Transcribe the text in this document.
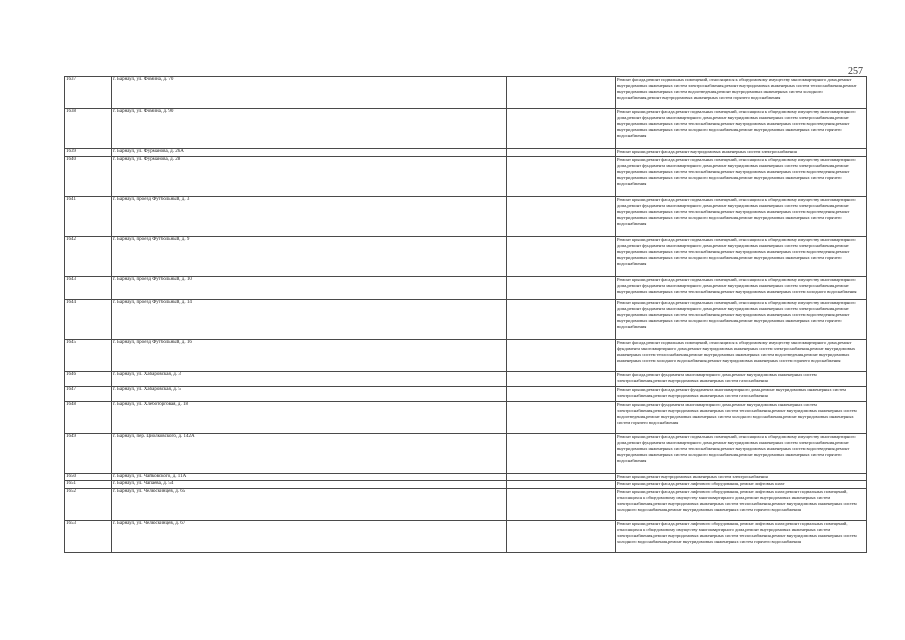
257
1637	г. Барнаул, ул. Фомина, д. 70		Ремонт фасада,ремонт подвальных помещений, относящихся к общедомовому имуществу многоквартирного дома,ремонт внутридомовых инженерных систем электроснабжения,ремонт внутридомовых инженерных систем теплоснабжения,ремонт внутридомовых инженерных систем водоотведения,ремонт внутридомовых инженерных систем холодного водоснабжения,ремонт внутридомовых инженерных систем горячего водоснабжения
1638	г. Барнаул, ул. Фомина, д. 90		Ремонт крыши,ремонт фасада,ремонт подвальных помещений, относящихся к общедомовому имуществу многоквартирного дома,ремонт фундамента многоквартирного дома,ремонт внутридомовых инженерных систем электроснабжения,ремонт внутридомовых инженерных систем теплоснабжения,ремонт внутридомовых инженерных систем водоотведения,ремонт внутридомовых инженерных систем холодного водоснабжения,ремонт внутридомовых инженерных систем горячего водоснабжения
1639	г. Барнаул, ул. Фурманова, д. 26А		Ремонт крыши,ремонт фасада,ремонт внутридомовых инженерных систем электроснабжения
1640	г. Барнаул, ул. Фурманова, д. 28		Ремонт крыши,ремонт фасада,ремонт подвальных помещений, относящихся к общедомовому имуществу многоквартирного дома,ремонт фундамента многоквартирного дома,ремонт внутридомовых инженерных систем электроснабжения,ремонт внутридомовых инженерных систем теплоснабжения,ремонт внутридомовых инженерных систем водоотведения,ремонт внутридомовых инженерных систем холодного водоснабжения,ремонт внутридомовых инженерных систем горячего водоснабжения
1641	г. Барнаул, проезд Футбольный, д. 3		Ремонт крыши,ремонт фасада,ремонт подвальных помещений, относящихся к общедомовому имуществу многоквартирного дома,ремонт фундамента многоквартирного дома,ремонт внутридомовых инженерных систем электроснабжения,ремонт внутридомовых инженерных систем теплоснабжения,ремонт внутридомовых инженерных систем водоотведения,ремонт внутридомовых инженерных систем холодного водоснабжения,ремонт внутридомовых инженерных систем горячего водоснабжения
1642	г. Барнаул, проезд Футбольный, д. 9		Ремонт крыши,ремонт фасада,ремонт подвальных помещений, относящихся к общедомовому имуществу многоквартирного дома,ремонт фундамента многоквартирного дома,ремонт внутридомовых инженерных систем электроснабжения,ремонт внутридомовых инженерных систем теплоснабжения,ремонт внутридомовых инженерных систем водоотведения,ремонт внутридомовых инженерных систем холодного водоснабжения,ремонт внутридомовых инженерных систем горячего водоснабжения
1643	г. Барнаул, проезд Футбольный, д. 10		Ремонт крыши,ремонт фасада,ремонт подвальных помещений, относящихся к общедомовому имуществу многоквартирного дома,ремонт фундамента многоквартирного дома,ремонт внутридомовых инженерных систем электроснабжения,ремонт внутридомовых инженерных систем теплоснабжения,ремонт внутридомовых инженерных систем холодного водоснабжения
1644	г. Барнаул, проезд Футбольный, д. 14		Ремонт крыши,ремонт фасада,ремонт подвальных помещений, относящихся к общедомовому имуществу многоквартирного дома,ремонт фундамента многоквартирного дома,ремонт внутридомовых инженерных систем электроснабжения,ремонт внутридомовых инженерных систем теплоснабжения,ремонт внутридомовых инженерных систем водоотведения,ремонт внутридомовых инженерных систем холодного водоснабжения,ремонт внутридомовых инженерных систем горячего водоснабжения
1645	г. Барнаул, проезд Футбольный, д. 16		Ремонт фасада,ремонт подвальных помещений, относящихся к общедомовому имуществу многоквартирного дома,ремонт фундамента многоквартирного дома,ремонт внутридомовых инженерных систем электроснабжения,ремонт внутридомовых инженерных систем теплоснабжения,ремонт внутридомовых инженерных систем водоотведения,ремонт внутридомовых инженерных систем холодного водоснабжения,ремонт внутридомовых инженерных систем горячего водоснабжения
1646	г. Барнаул, ул. Хабаровская, д. 3		Ремонт фасада,ремонт фундамента многоквартирного дома,ремонт внутридомовых инженерных систем электроснабжения,ремонт внутридомовых инженерных систем газоснабжения
1647	г. Барнаул, ул. Хабаровская, д. 5		Ремонт крыши,ремонт фасада,ремонт фундамента многоквартирного дома,ремонт внутридомовых инженерных систем электроснабжения,ремонт внутридомовых инженерных систем газоснабжения
1648	г. Барнаул, ул. Хлеботорговая, д. 18		Ремонт крыши,ремонт фундамента многоквартирного дома,ремонт внутридомовых инженерных систем электроснабжения,ремонт внутридомовых инженерных систем теплоснабжения,ремонт внутридомовых инженерных систем водоотведения,ремонт внутридомовых инженерных систем холодного водоснабжения,ремонт внутридомовых инженерных систем горячего водоснабжения
1649	г. Барнаул, пер. Циолковского, д. 142А		Ремонт крыши,ремонт фасада,ремонт подвальных помещений, относящихся к общедомовому имуществу многоквартирного дома,ремонт фундамента многоквартирного дома,ремонт внутридомовых инженерных систем электроснабжения,ремонт внутридомовых инженерных систем теплоснабжения,ремонт внутридомовых инженерных систем водоотведения,ремонт внутридомовых инженерных систем холодного водоснабжения,ремонт внутридомовых инженерных систем горячего водоснабжения
1650	г. Барнаул, ул. Чайковского, д. 11А		Ремонт крыши,ремонт внутридомовых инженерных систем электроснабжения
1651	г. Барнаул, ул. Чапаева, д. 54		Ремонт крыши,ремонт фасада,ремонт лифтового оборудования, ремонт лифтовых шахт
1652	г. Барнаул, ул. Челюскинцев, д. 65		Ремонт крыши,ремонт фасада,ремонт лифтового оборудования, ремонт лифтовых шахт,ремонт подвальных помещений, относящихся к общедомовому имуществу многоквартирного дома,ремонт внутридомовых инженерных систем электроснабжения,ремонт внутридомовых инженерных систем теплоснабжения,ремонт внутридомовых инженерных систем холодного водоснабжения,ремонт внутридомовых инженерных систем горячего водоснабжения
1653	г. Барнаул, ул. Челюскинцев, д. 67		Ремонт крыши,ремонт фасада,ремонт лифтового оборудования, ремонт лифтовых шахт,ремонт подвальных помещений, относящихся к общедомовому имуществу многоквартирного дома,ремонт внутридомовых инженерных систем электроснабжения,ремонт внутридомовых инженерных систем теплоснабжения,ремонт внутридомовых инженерных систем холодного водоснабжения,ремонт внутридомовых инженерных систем горячего водоснабжения
